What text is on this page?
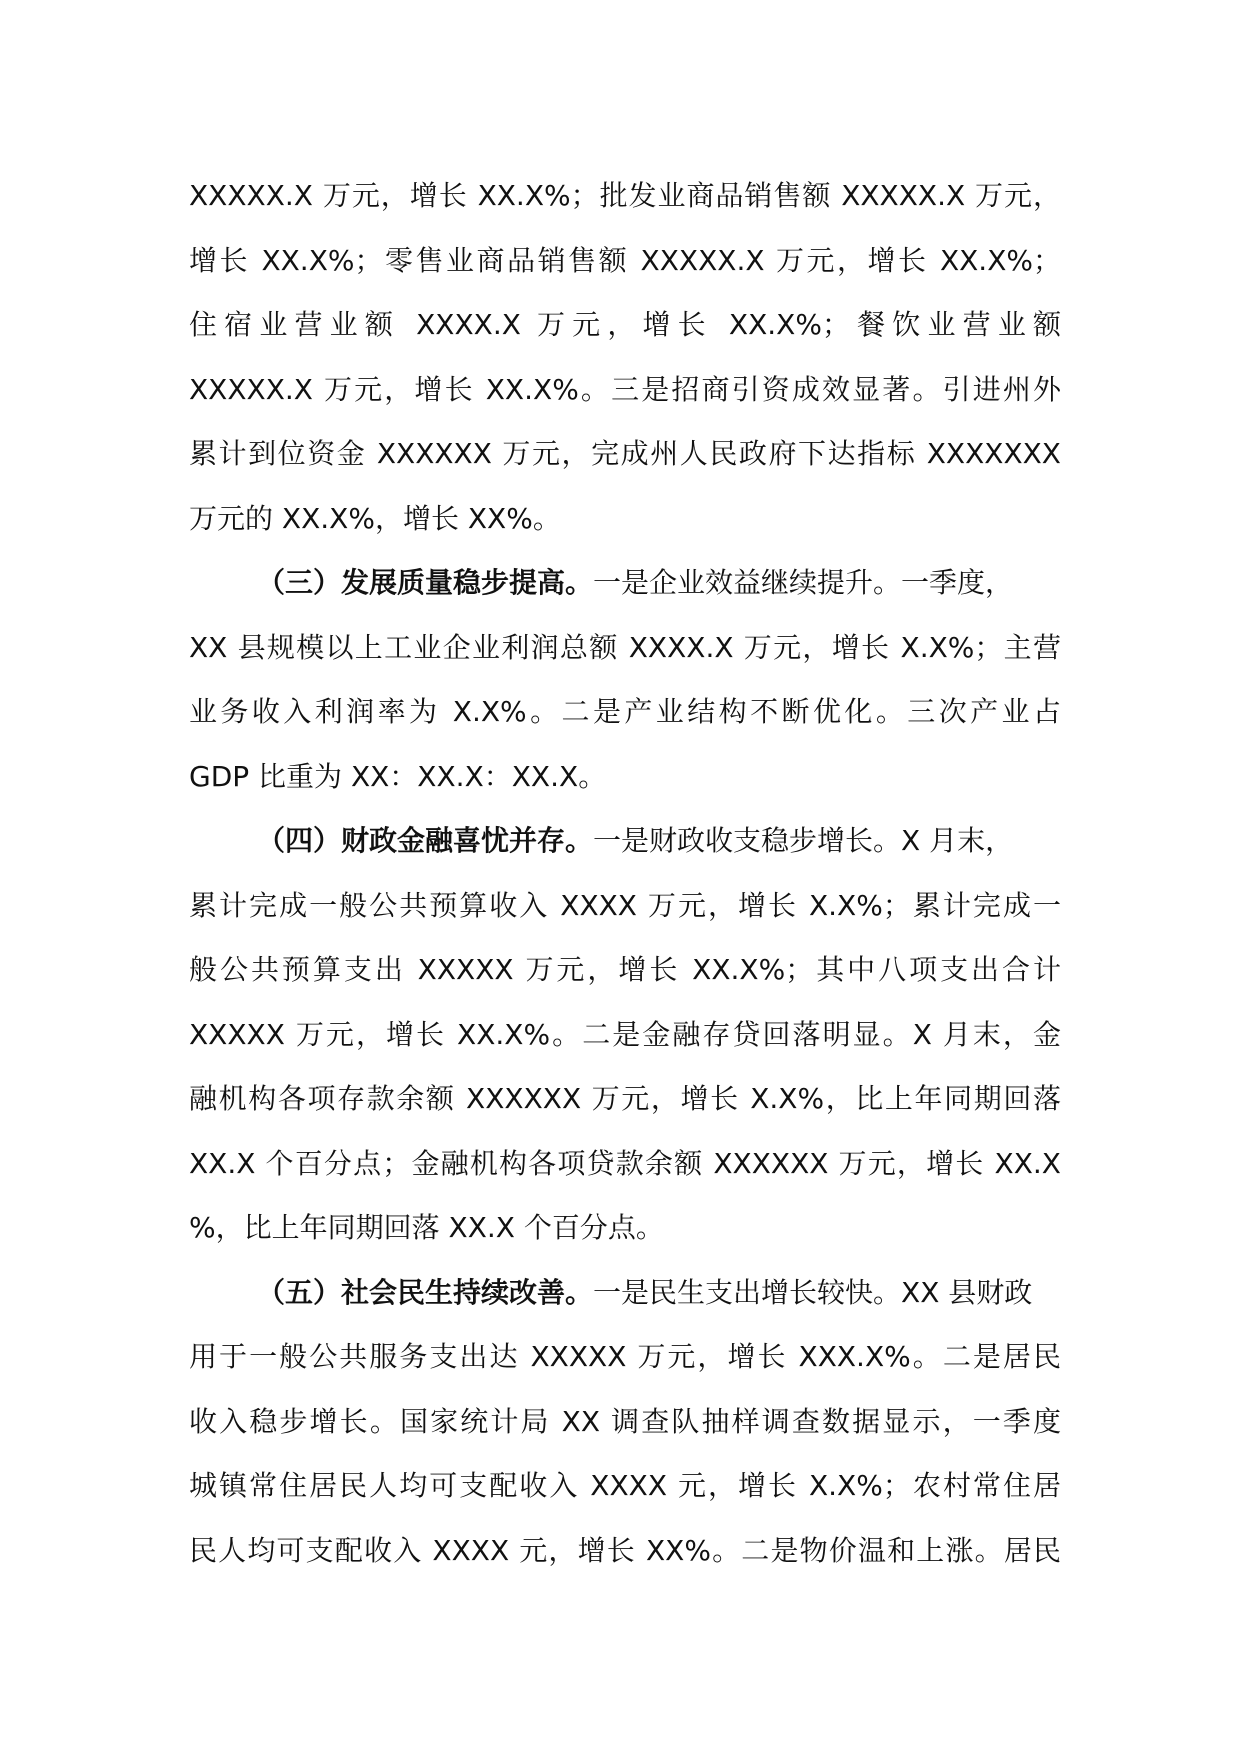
XXXXX.X 万元，增长 XX.X%；批发业商品销售额 XXXXX.X 万元，
增长 XX.X%；零售业商品销售额 XXXXX.X 万元，增长 XX.X%；
住宿业营业额 XXXX.X 万元，增长 XX.X%；餐饮业营业额
XXXXX.X 万元，增长 XX.X%。三是招商引资成效显著。引进州外
累计到位资金 XXXXXX 万元，完成州人民政府下达指标 XXXXXXX
万元的 XX.X%，增长 XX%。
（三）发展质量稳步提高。一是企业效益继续提升。一季度，
XX 县规模以上工业企业利润总额 XXXX.X 万元，增长 X.X%；主营
业务收入利润率为 X.X%。二是产业结构不断优化。三次产业占
GDP 比重为 XX：XX.X：XX.X。
（四）财政金融喜忧并存。一是财政收支稳步增长。X 月末，
累计完成一般公共预算收入 XXXX 万元，增长 X.X%；累计完成一
般公共预算支出 XXXXX 万元，增长 XX.X%；其中八项支出合计
XXXXX 万元，增长 XX.X%。二是金融存贷回落明显。X 月末，金
融机构各项存款余额 XXXXXX 万元，增长 X.X%，比上年同期回落
XX.X 个百分点；金融机构各项贷款余额 XXXXXX 万元，增长 XX.X
%，比上年同期回落 XX.X 个百分点。
（五）社会民生持续改善。一是民生支出增长较快。XX 县财政
用于一般公共服务支出达 XXXXX 万元，增长 XXX.X%。二是居民
收入稳步增长。国家统计局 XX 调查队抽样调查数据显示，一季度
城镇常住居民人均可支配收入 XXXX 元，增长 X.X%；农村常住居
民人均可支配收入 XXXX 元，增长 XX%。二是物价温和上涨。居民
